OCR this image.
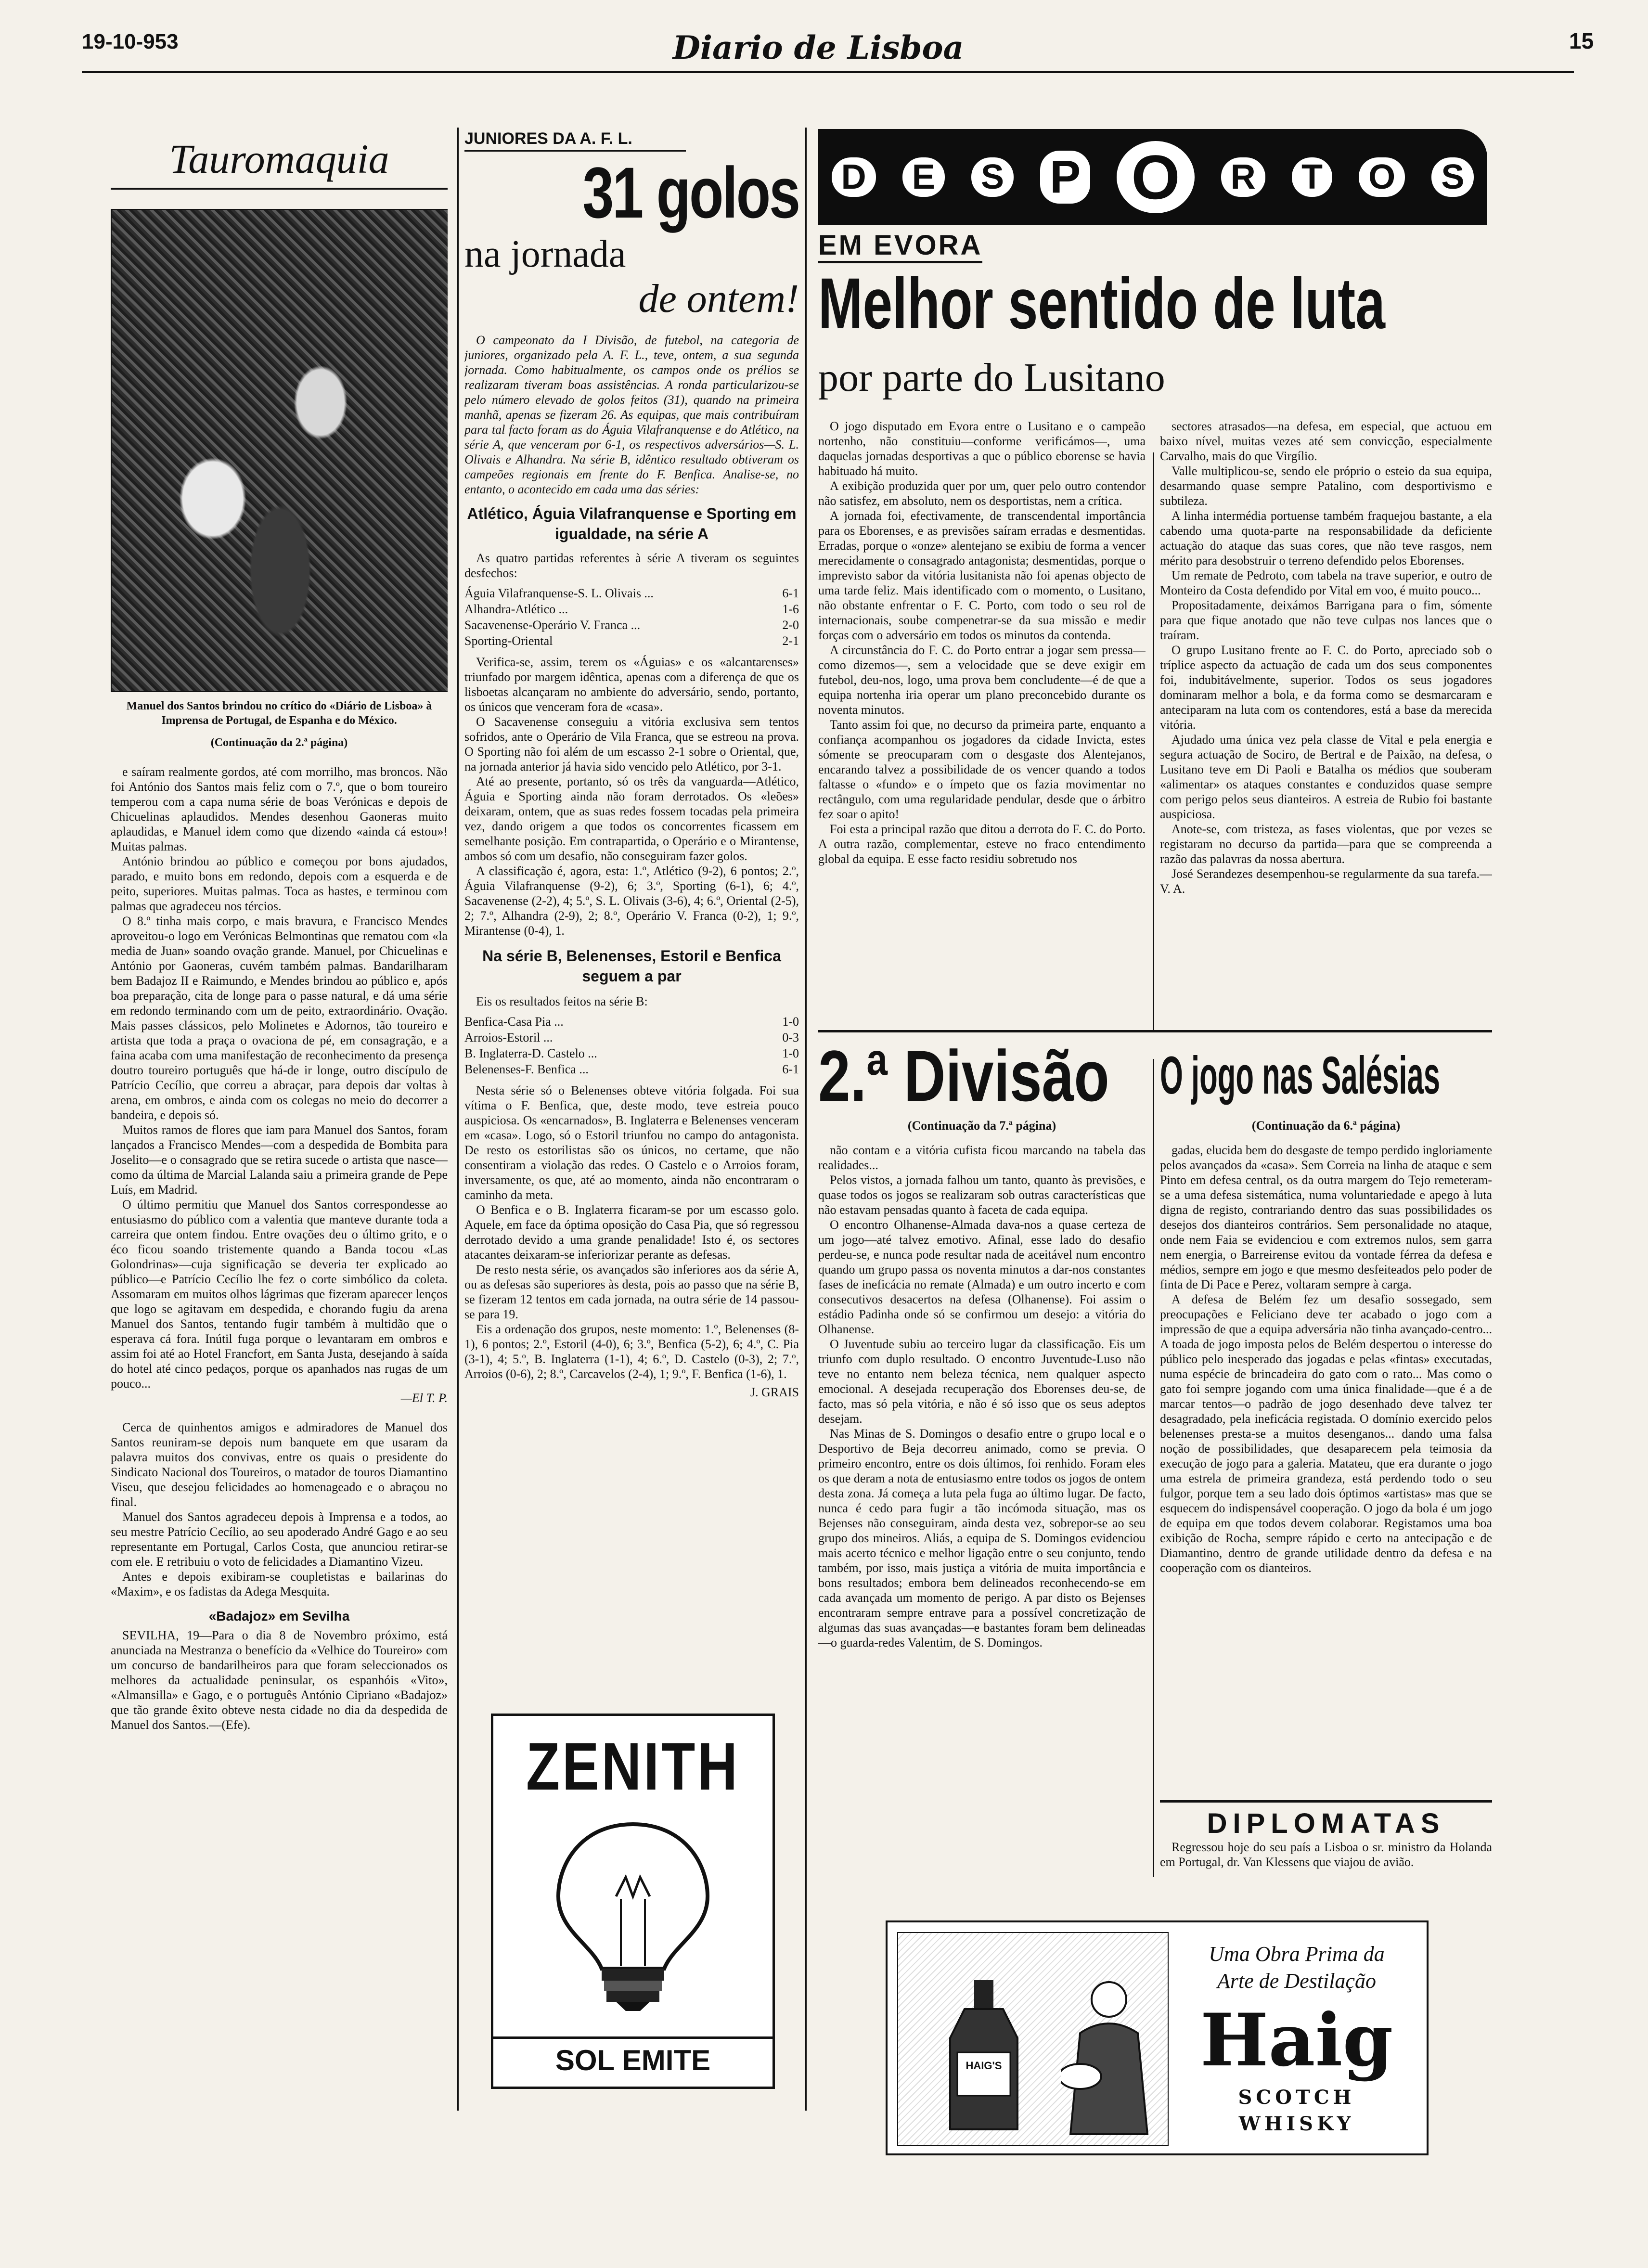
19-10-953	Diario de Lisboa	15
Tauromaquia
Manuel dos Santos brindou no crítico do «Diário de Lisboa» à Imprensa de Portugal, de Espanha e do México.
(Continuação da 2.ª página)

e saíram realmente gordos, até com morrilho, mas broncos. Não foi António dos Santos mais feliz com o 7.º, que o bom toureiro temperou com a capa numa série de boas Verónicas e depois de Chicuelinas aplaudidos. Mendes desenhou Gaoneras muito aplaudidas, e Manuel idem como que dizendo «ainda cá estou»! Muitas palmas.

António brindou ao público e começou por bons ajudados, parado, e muito bons em redondo, depois com a esquerda e de peito, superiores. Muitas palmas. Toca as hastes, e terminou com palmas que agradeceu nos tércios.

O 8.º tinha mais corpo, e mais bravura, e Francisco Mendes aproveitou-o logo em Verónicas Belmontinas que rematou com «la media de Juan» soando ovação grande. Manuel, por Chicuelinas e António por Gaoneras, cuvém também palmas. Bandarilharam bem Badajoz II e Raimundo, e Mendes brindou ao público e, após boa preparação, cita de longe para o passe natural, e dá uma série em redondo terminando com um de peito, extraordinário. Ovação. Mais passes clássicos, pelo Molinetes e Adornos, tão toureiro e artista que toda a praça o ovaciona de pé, em consagração, e a faina acaba com uma manifestação de reconhecimento da presença doutro toureiro português que há-de ir longe, outro discípulo de Patrício Cecílio, que correu a abraçar, para depois dar voltas à arena, em ombros, e ainda com os colegas no meio do decorrer a bandeira, e depois só.

Muitos ramos de flores que iam para Manuel dos Santos, foram lançados a Francisco Mendes—com a despedida de Bombita para Joselito—e o consagrado que se retira sucede o artista que nasce—como da última de Marcial Lalanda saiu a primeira grande de Pepe Luís, em Madrid.

O último permitiu que Manuel dos Santos correspondesse ao entusiasmo do público com a valentia que manteve durante toda a carreira que ontem findou. Entre ovações deu o último grito, e o éco ficou soando tristemente quando a Banda tocou «Las Golondrinas»—cuja significação se deveria ter explicado ao público—e Patrício Cecílio lhe fez o corte simbólico da coleta. Assomaram em muitos olhos lágrimas que fizeram aparecer lenços que logo se agitavam em despedida, e chorando fugiu da arena Manuel dos Santos, tentando fugir também à multidão que o esperava cá fora. Inútil fuga porque o levantaram em ombros e assim foi até ao Hotel Francfort, em Santa Justa, desejando à saída do hotel até cinco pedaços, porque os apanhados nas rugas de um pouco...

—El T. P.

Cerca de quinhentos amigos e admiradores de Manuel dos Santos reuniram-se depois num banquete em que usaram da palavra muitos dos convivas, entre os quais o presidente do Sindicato Nacional dos Toureiros, o matador de touros Diamantino Viseu, que desejou felicidades ao homenageado e o abraçou no final.

Manuel dos Santos agradeceu depois à Imprensa e a todos, ao seu mestre Patrício Cecílio, ao seu apoderado André Gago e ao seu representante em Portugal, Carlos Costa, que anunciou retirar-se com ele. E retribuiu o voto de felicidades a Diamantino Vizeu.

Antes e depois exibiram-se coupletistas e bailarinas do «Maxim», e os fadistas da Adega Mesquita.

«Badajoz» em Sevilha

SEVILHA, 19—Para o dia 8 de Novembro próximo, está anunciada na Mestranza o benefício da «Velhice do Toureiro» com um concurso de bandarilheiros para que foram seleccionados os melhores da actualidade peninsular, os espanhóis «Vito», «Almansilla» e Gago, e o português António Cipriano «Badajoz» que tão grande êxito obteve nesta cidade no dia da despedida de Manuel dos Santos.—(Efe).

JUNIORES DA A. F. L.
31 golos
na jornada
de ontem!

O campeonato da I Divisão, de futebol, na categoria de juniores, organizado pela A. F. L., teve, ontem, a sua segunda jornada. Como habitualmente, os campos onde os prélios se realizaram tiveram boas assistências. A ronda particularizou-se pelo número elevado de golos feitos (31), quando na primeira manhã, apenas se fizeram 26. As equipas, que mais contribuíram para tal facto foram as do Águia Vilafranquense e do Atlético, na série A, que venceram por 6-1, os respectivos adversários—S. L. Olivais e Alhandra. Na série B, idêntico resultado obtiveram os campeões regionais em frente do F. Benfica. Analise-se, no entanto, o acontecido em cada uma das séries:

Atlético, Águia Vilafranquense e Sporting em igualdade, na série A

As quatro partidas referentes à série A tiveram os seguintes desfechos:

Águia Vilafranquense-S. L. Olivais ...	6-1
Alhandra-Atlético ...	1-6
Sacavenense-Operário V. Franca ...	2-0
Sporting-Oriental	2-1

Verifica-se, assim, terem os «Águias» e os «alcantarenses» triunfado por margem idêntica, apenas com a diferença de que os lisboetas alcançaram no ambiente do adversário, sendo, portanto, os únicos que venceram fora de «casa».

O Sacavenense conseguiu a vitória exclusiva sem tentos sofridos, ante o Operário de Vila Franca, que se estreou na prova. O Sporting não foi além de um escasso 2-1 sobre o Oriental, que, na jornada anterior já havia sido vencido pelo Atlético, por 3-1.

Até ao presente, portanto, só os três da vanguarda—Atlético, Águia e Sporting ainda não foram derrotados. Os «leões» deixaram, ontem, que as suas redes fossem tocadas pela primeira vez, dando origem a que todos os concorrentes ficassem em semelhante posição. Em contrapartida, o Operário e o Mirantense, ambos só com um desafio, não conseguiram fazer golos.

A classificação é, agora, esta: 1.º, Atlético (9-2), 6 pontos; 2.º, Águia Vilafranquense (9-2), 6; 3.º, Sporting (6-1), 6; 4.º, Sacavenense (2-2), 4; 5.º, S. L. Olivais (3-6), 4; 6.º, Oriental (2-5), 2; 7.º, Alhandra (2-9), 2; 8.º, Operário V. Franca (0-2), 1; 9.º, Mirantense (0-4), 1.

Na série B, Belenenses, Estoril e Benfica seguem a par

Eis os resultados feitos na série B:

Benfica-Casa Pia ...	1-0
Arroios-Estoril ...	0-3
B. Inglaterra-D. Castelo ...	1-0
Belenenses-F. Benfica ...	6-1

Nesta série só o Belenenses obteve vitória folgada. Foi sua vítima o F. Benfica, que, deste modo, teve estreia pouco auspiciosa. Os «encarnados», B. Inglaterra e Belenenses venceram em «casa». Logo, só o Estoril triunfou no campo do antagonista. De resto os estorilistas são os únicos, no certame, que não consentiram a violação das redes. O Castelo e o Arroios foram, inversamente, os que, até ao momento, ainda não encontraram o caminho da meta.

O Benfica e o B. Inglaterra ficaram-se por um escasso golo. Aquele, em face da óptima oposição do Casa Pia, que só regressou derrotado devido a uma grande penalidade! Isto é, os sectores atacantes deixaram-se inferiorizar perante as defesas.

De resto nesta série, os avançados são inferiores aos da série A, ou as defesas são superiores às desta, pois ao passo que na série B, se fizeram 12 tentos em cada jornada, na outra série de 14 passou-se para 19.

Eis a ordenação dos grupos, neste momento: 1.º, Belenenses (8-1), 6 pontos; 2.º, Estoril (4-0), 6; 3.º, Benfica (5-2), 6; 4.º, C. Pia (3-1), 4; 5.º, B. Inglaterra (1-1), 4; 6.º, D. Castelo (0-3), 2; 7.º, Arroios (0-6), 2; 8.º, Carcavelos (2-4), 1; 9.º, F. Benfica (1-6), 1.

J. GRAIS
ZENITH
SOL EMITE
D E S P O	R T O S
EM EVORA
Melhor sentido de luta
por parte do Lusitano

O jogo disputado em Evora entre o Lusitano e o campeão nortenho, não constituiu—conforme verificámos—, uma daquelas jornadas desportivas a que o público eborense se havia habituado há muito.

A exibição produzida quer por um, quer pelo outro contendor não satisfez, em absoluto, nem os desportistas, nem a crítica.

A jornada foi, efectivamente, de transcendental importância para os Eborenses, e as previsões saíram erradas e desmentidas. Erradas, porque o «onze» alentejano se exibiu de forma a vencer merecidamente o consagrado antagonista; desmentidas, porque o imprevisto sabor da vitória lusitanista não foi apenas objecto de uma tarde feliz. Mais identificado com o momento, o Lusitano, não obstante enfrentar o F. C. Porto, com todo o seu rol de internacionais, soube compenetrar-se da sua missão e medir forças com o adversário em todos os minutos da contenda.

A circunstância do F. C. do Porto entrar a jogar sem pressa—como dizemos—, sem a velocidade que se deve exigir em futebol, deu-nos, logo, uma prova bem concludente—é de que a equipa nortenha iria operar um plano preconcebido durante os noventa minutos.

Tanto assim foi que, no decurso da primeira parte, enquanto a confiança acompanhou os jogadores da cidade Invicta, estes sómente se preocuparam com o desgaste dos Alentejanos, encarando talvez a possibilidade de os vencer quando a todos faltasse o «fundo» e o ímpeto que os fazia movimentar no rectângulo, com uma regularidade pendular, desde que o árbitro fez soar o apito!

Foi esta a principal razão que ditou a derrota do F. C. do Porto. A outra razão, complementar, esteve no fraco entendimento global da equipa. E esse facto residiu sobretudo nos

sectores atrasados—na defesa, em especial, que actuou em baixo nível, muitas vezes até sem convicção, especialmente Carvalho, mais do que Virgílio.

Valle multiplicou-se, sendo ele próprio o esteio da sua equipa, desarmando quase sempre Patalino, com desportivismo e subtileza.

A linha intermédia portuense também fraquejou bastante, a ela cabendo uma quota-parte na responsabilidade da deficiente actuação do ataque das suas cores, que não teve rasgos, nem mérito para desobstruir o terreno defendido pelos Eborenses.

Um remate de Pedroto, com tabela na trave superior, e outro de Monteiro da Costa defendido por Vital em voo, é muito pouco...

Propositadamente, deixámos Barrigana para o fim, sómente para que fique anotado que não teve culpas nos lances que o traíram.

O grupo Lusitano frente ao F. C. do Porto, apreciado sob o tríplice aspecto da actuação de cada um dos seus componentes foi, indubitávelmente, superior. Todos os seus jogadores dominaram melhor a bola, e da forma como se desmarcaram e anteciparam na luta com os contendores, está a base da merecida vitória.

Ajudado uma única vez pela classe de Vital e pela energia e segura actuação de Sociro, de Bertral e de Paixão, na defesa, o Lusitano teve em Di Paoli e Batalha os médios que souberam «alimentar» os ataques constantes e conduzidos quase sempre com perigo pelos seus dianteiros. A estreia de Rubio foi bastante auspiciosa.

Anote-se, com tristeza, as fases violentas, que por vezes se registaram no decurso da partida—para que se compreenda a razão das palavras da nossa abertura.

José Serandezes desempenhou-se regularmente da sua tarefa.—V. A.

2.ª Divisão
(Continuação da 7.ª página)

não contam e a vitória cufista ficou marcando na tabela das realidades...

Pelos vistos, a jornada falhou um tanto, quanto às previsões, e quase todos os jogos se realizaram sob outras características que não estavam pensadas quanto à faceta de cada equipa.

O encontro Olhanense-Almada dava-nos a quase certeza de um jogo—até talvez emotivo. Afinal, esse lado do desafio perdeu-se, e nunca pode resultar nada de aceitável num encontro quando um grupo passa os noventa minutos a dar-nos constantes fases de ineficácia no remate (Almada) e um outro incerto e com consecutivos desacertos na defesa (Olhanense). Foi assim o estádio Padinha onde só se confirmou um desejo: a vitória do Olhanense.

O Juventude subiu ao terceiro lugar da classificação. Eis um triunfo com duplo resultado. O encontro Juventude-Luso não teve no entanto nem beleza técnica, nem qualquer aspecto emocional. A desejada recuperação dos Eborenses deu-se, de facto, mas só pela vitória, e não é só isso que os seus adeptos desejam.

Nas Minas de S. Domingos o desafio entre o grupo local e o Desportivo de Beja decorreu animado, como se previa. O primeiro encontro, entre os dois últimos, foi renhido. Foram eles os que deram a nota de entusiasmo entre todos os jogos de ontem desta zona. Já começa a luta pela fuga ao último lugar. De facto, nunca é cedo para fugir a tão incómoda situação, mas os Bejenses não conseguiram, ainda desta vez, sobrepor-se ao seu grupo dos mineiros. Aliás, a equipa de S. Domingos evidenciou mais acerto técnico e melhor ligação entre o seu conjunto, tendo também, por isso, mais justiça a vitória de muita importância e bons resultados; embora bem delineados reconhecendo-se em cada avançada um momento de perigo. A par disto os Bejenses encontraram sempre entrave para a possível concretização de algumas das suas avançadas—e bastantes foram bem delineadas—o guarda-redes Valentim, de S. Domingos.

O jogo nas Salésias
(Continuação da 6.ª página)

gadas, elucida bem do desgaste de tempo perdido ingloriamente pelos avançados da «casa». Sem Correia na linha de ataque e sem Pinto em defesa central, os da outra margem do Tejo remeteram-se a uma defesa sistemática, numa voluntariedade e apego à luta digna de registo, contrariando dentro das suas possibilidades os desejos dos dianteiros contrários. Sem personalidade no ataque, onde nem Faia se evidenciou e com extremos nulos, sem garra nem energia, o Barreirense evitou da vontade férrea da defesa e médios, sempre em jogo e que mesmo desfeiteados pelo poder de finta de Di Pace e Perez, voltaram sempre à carga.

A defesa de Belém fez um desafio sossegado, sem preocupações e Feliciano deve ter acabado o jogo com a impressão de que a equipa adversária não tinha avançado-centro... A toada de jogo imposta pelos de Belém despertou o interesse do público pelo inesperado das jogadas e pelas «fintas» executadas, numa espécie de brincadeira do gato com o rato... Mas como o gato foi sempre jogando com uma única finalidade—que é a de marcar tentos—o padrão de jogo desenhado deve talvez ter desagradado, pela ineficácia registada. O domínio exercido pelos belenenses presta-se a muitos desenganos... dando uma falsa noção de possibilidades, que desaparecem pela teimosia da execução de jogo para a galeria. Matateu, que era durante o jogo uma estrela de primeira grandeza, está perdendo todo o seu fulgor, porque tem a seu lado dois óptimos «artistas» mas que se esquecem do indispensável cooperação. O jogo da bola é um jogo de equipa em que todos devem colaborar. Registamos uma boa exibição de Rocha, sempre rápido e certo na antecipação e de Diamantino, dentro de grande utilidade dentro da defesa e na cooperação com os dianteiros.

DIPLOMATAS

Regressou hoje do seu país a Lisboa o sr. ministro da Holanda em Portugal, dr. Van Klessens que viajou de avião.

HAIG'S
Uma Obra Prima da
Arte de Destilação
Haig
SCOTCH
WHISKY
